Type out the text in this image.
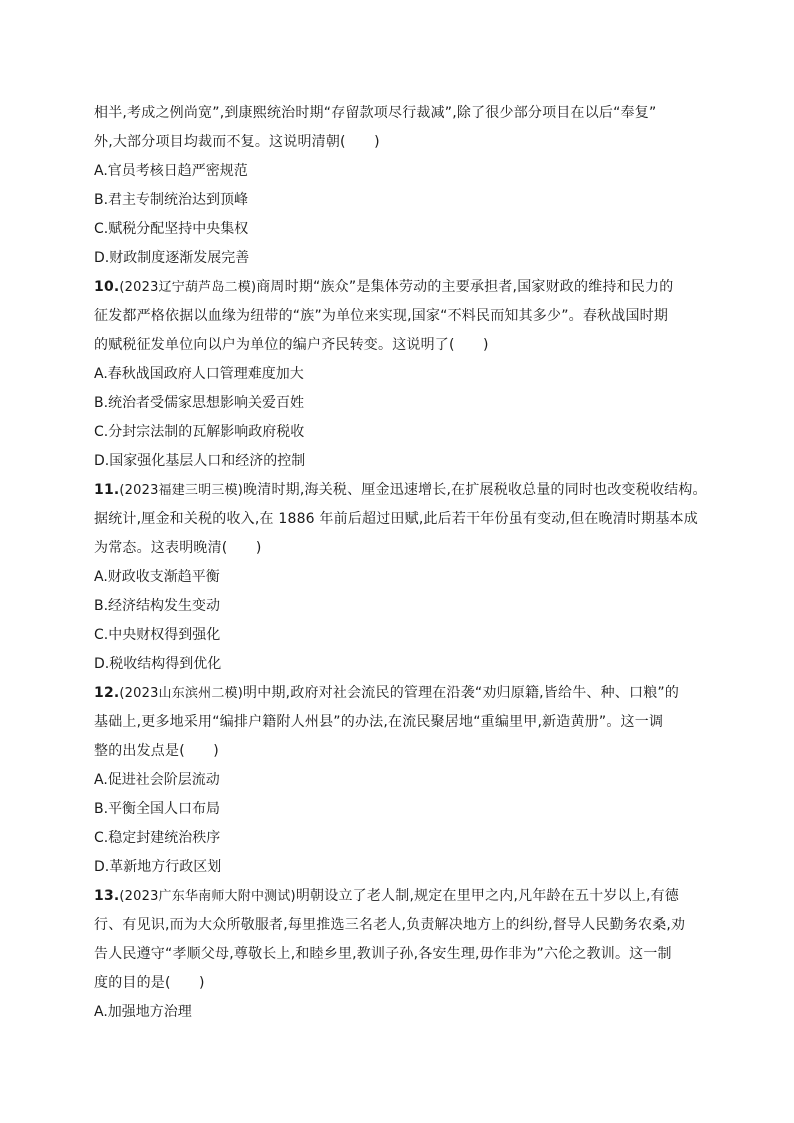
相半,考成之例尚宽”,到康熙统治时期“存留款项尽行裁减”,除了很少部分项目在以后“奉复”
外,大部分项目均裁而不复。这说明清朝(　　)
A.官员考核日趋严密规范
B.君主专制统治达到顶峰
C.赋税分配坚持中央集权
D.财政制度逐渐发展完善
10.(2023辽宁葫芦岛二模)商周时期“族众”是集体劳动的主要承担者,国家财政的维持和民力的
征发都严格依据以血缘为纽带的“族”为单位来实现,国家“不料民而知其多少”。春秋战国时期
的赋税征发单位向以户为单位的编户齐民转变。这说明了(　　)
A.春秋战国政府人口管理难度加大
B.统治者受儒家思想影响关爱百姓
C.分封宗法制的瓦解影响政府税收
D.国家强化基层人口和经济的控制
11.(2023福建三明三模)晚清时期,海关税、厘金迅速增长,在扩展税收总量的同时也改变税收结构。
据统计,厘金和关税的收入,在 1886 年前后超过田赋,此后若干年份虽有变动,但在晚清时期基本成
为常态。这表明晚清(　　)
A.财政收支渐趋平衡
B.经济结构发生变动
C.中央财权得到强化
D.税收结构得到优化
12.(2023山东滨州二模)明中期,政府对社会流民的管理在沿袭“劝归原籍,皆给牛、种、口粮”的
基础上,更多地采用“编排户籍附人州县”的办法,在流民聚居地“重编里甲,新造黄册”。这一调
整的出发点是(　　)
A.促进社会阶层流动
B.平衡全国人口布局
C.稳定封建统治秩序
D.革新地方行政区划
13.(2023广东华南师大附中测试)明朝设立了老人制,规定在里甲之内,凡年龄在五十岁以上,有德
行、有见识,而为大众所敬服者,每里推选三名老人,负责解决地方上的纠纷,督导人民勤务农桑,劝
告人民遵守“孝顺父母,尊敬长上,和睦乡里,教训子孙,各安生理,毋作非为”六伦之教训。这一制
度的目的是(　　)
A.加强地方治理
